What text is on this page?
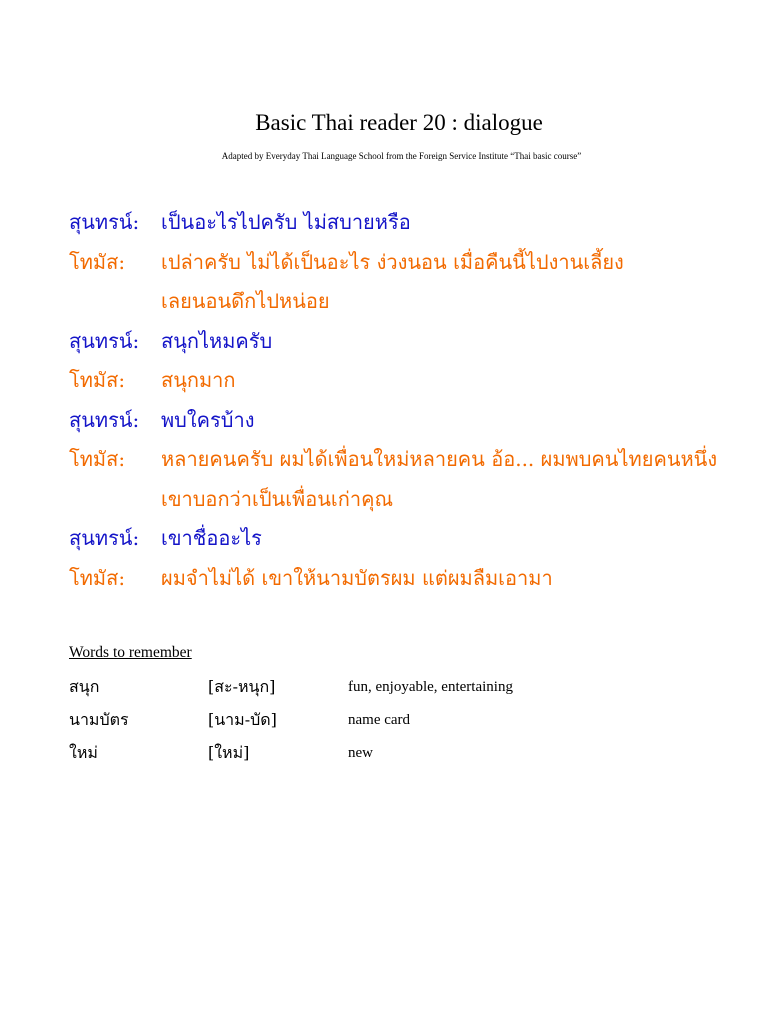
Basic Thai reader 20 : dialogue
Adapted by Everyday Thai Language School from the Foreign Service Institute “Thai basic course”
สุนทรน์: เป็นอะไรไปครับ ไม่สบายหรือ
โทมัส: เปล่าครับ ไม่ได้เป็นอะไร ง่วงนอน เมื่อคืนนี้ไปงานเลี้ยง
เลยนอนดึกไปหน่อย
สุนทรน์: สนุกไหมครับ
โทมัส: สนุกมาก
สุนทรน์: พบใครบ้าง
โทมัส: หลายคนครับ ผมได้เพื่อนใหม่หลายคน อ้อ... ผมพบคนไทยคนหนึ่ง
เขาบอกว่าเป็นเพื่อนเก่าคุณ
สุนทรน์: เขาชื่ออะไร
โทมัส: ผมจำไม่ได้ เขาให้นามบัตรผม แต่ผมลืมเอามา
Words to remember
สนุก	[สะ-หนุก]	fun, enjoyable, entertaining
นามบัตร	[นาม-บัด]	name card
ใหม่	[ใหม่]	new
